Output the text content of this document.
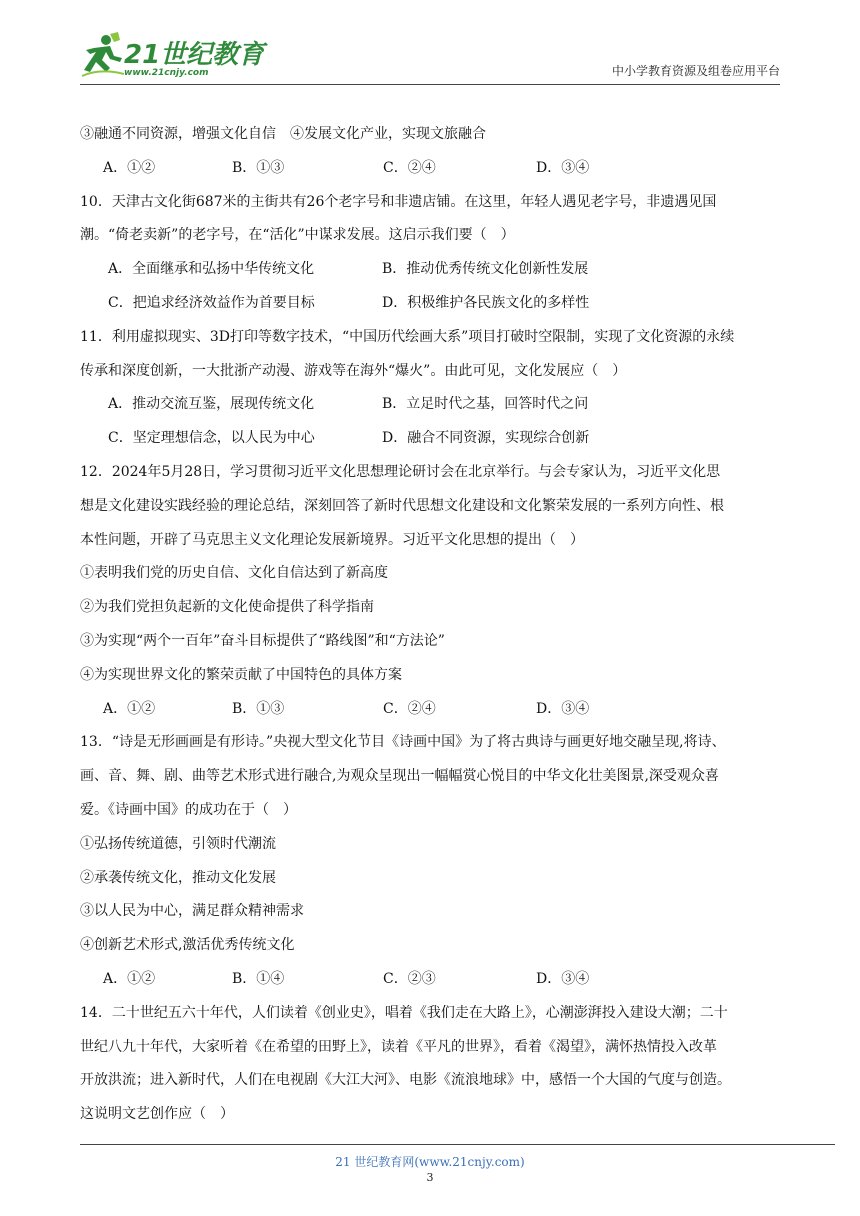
21世纪教育
www.21cnjy.com	中小学教育资源及组卷应用平台
③融通不同资源，增强文化自信　④发展文化产业，实现文旅融合
A．①②	B．①③	C．②④	D．③④
10．天津古文化街687米的主街共有26个老字号和非遗店铺。在这里，年轻人遇见老字号，非遗遇见国
潮。“倚老卖新”的老字号，在“活化”中谋求发展。这启示我们要（　）
A．全面继承和弘扬中华传统文化	B．推动优秀传统文化创新性发展
C．把追求经济效益作为首要目标	D．积极维护各民族文化的多样性
11．利用虚拟现实、3D打印等数字技术，“中国历代绘画大系”项目打破时空限制，实现了文化资源的永续
传承和深度创新，一大批浙产动漫、游戏等在海外“爆火”。由此可见，文化发展应（　）
A．推动交流互鉴，展现传统文化	B．立足时代之基，回答时代之问
C．坚定理想信念，以人民为中心	D．融合不同资源，实现综合创新
12．2024年5月28日，学习贯彻习近平文化思想理论研讨会在北京举行。与会专家认为，习近平文化思
想是文化建设实践经验的理论总结，深刻回答了新时代思想文化建设和文化繁荣发展的一系列方向性、根
本性问题，开辟了马克思主义文化理论发展新境界。习近平文化思想的提出（　）
①表明我们党的历史自信、文化自信达到了新高度
②为我们党担负起新的文化使命提供了科学指南
③为实现“两个一百年”奋斗目标提供了“路线图”和“方法论”
④为实现世界文化的繁荣贡献了中国特色的具体方案
A．①②	B．①③	C．②④	D．③④
13．“诗是无形画画是有形诗。”央视大型文化节目《诗画中国》为了将古典诗与画更好地交融呈现,将诗、
画、音、舞、剧、曲等艺术形式进行融合,为观众呈现出一幅幅赏心悦目的中华文化壮美图景,深受观众喜
爱。《诗画中国》的成功在于（　）
①弘扬传统道德，引领时代潮流
②承袭传统文化，推动文化发展
③以人民为中心，满足群众精神需求
④创新艺术形式,激活优秀传统文化
A．①②	B．①④	C．②③	D．③④
14．二十世纪五六十年代，人们读着《创业史》，唱着《我们走在大路上》，心潮澎湃投入建设大潮；二十
世纪八九十年代，大家听着《在希望的田野上》，读着《平凡的世界》，看着《渴望》，满怀热情投入改革
开放洪流；进入新时代，人们在电视剧《大江大河》、电影《流浪地球》中，感悟一个大国的气度与创造。
这说明文艺创作应（　）
21 世纪教育网(www.21cnjy.com)
3
